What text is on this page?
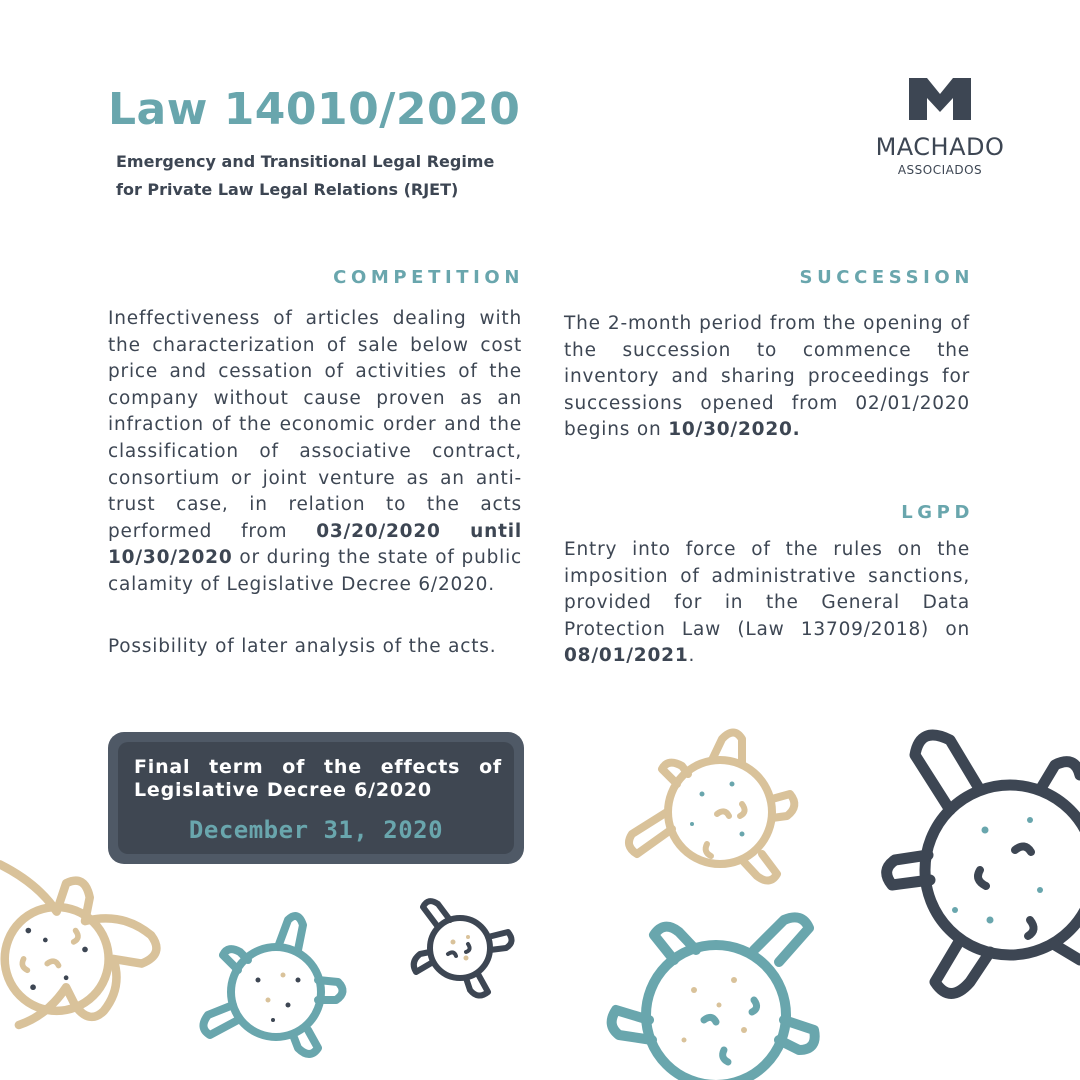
Law 14010/2020
Emergency and Transitional Legal Regime
for Private Law Legal Relations (RJET)
MACHADO
ASSOCIADOS
COMPETITION

Ineffectiveness of articles dealing with the characterization of sale below cost price and cessation of activities of the company without cause proven as an infraction of the economic order and the classification of associative contract, consortium or joint venture as an anti-trust case, in relation to the acts performed from 03/20/2020 until 10/30/2020 or during the state of public calamity of Legislative Decree 6/2020.

Possibility of later analysis of the acts.

SUCCESSION

The 2-month period from the opening of the succession to commence the inventory and sharing proceedings for successions opened from 02/01/2020 begins on 10/30/2020.

LGPD

Entry into force of the rules on the imposition of administrative sanctions, provided for in the General Data Protection Law (Law 13709/2018) on 08/01/2021.

Final term of the effects of Legislative Decree 6/2020
December 31, 2020
